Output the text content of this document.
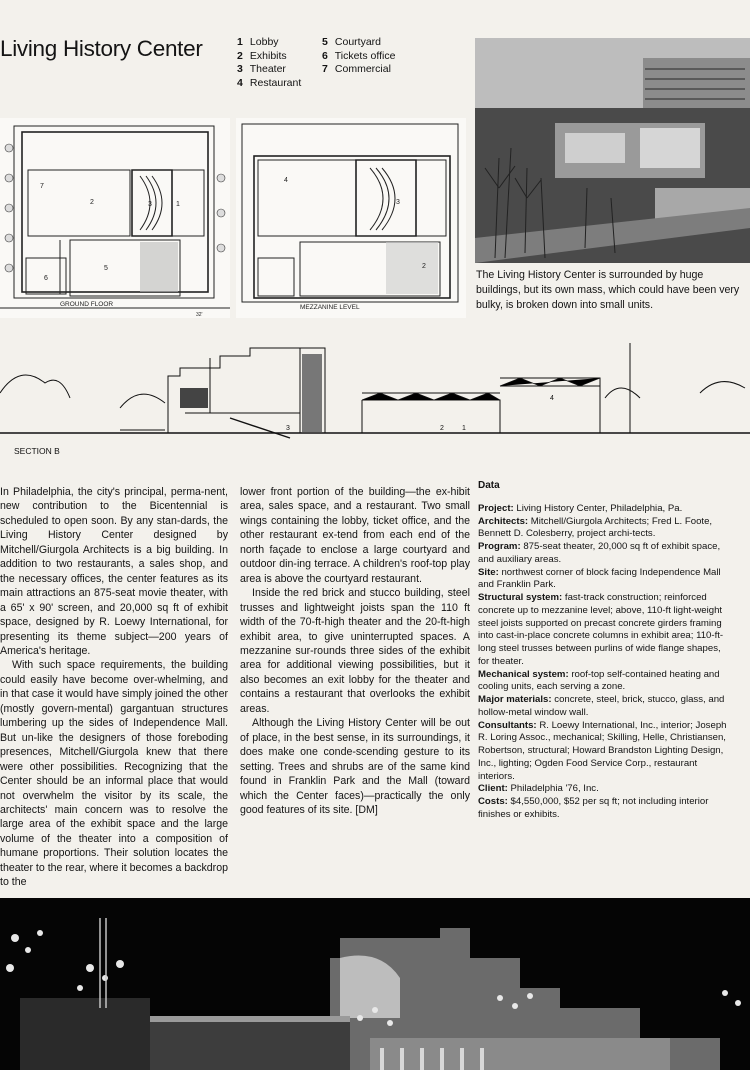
Living History Center	1 Lobby
2 Exhibits
3 Theater
4 Restaurant
5 Courtyard
6 Tickets office
7 Commercial
7
2	1
3
5
6
GROUND FLOOR
32'
4
3
2
MEZZANINE LEVEL
The Living History Center is surrounded by huge buildings, but its own mass, which could have been very bulky, is broken down into small units.
3	2	1
4
SECTION B

In Philadelphia, the city's principal, perma-nent, new contribution to the Bicentennial is scheduled to open soon. By any stan-dards, the Living History Center designed by Mitchell/Giurgola Architects is a big building. In addition to two restaurants, a sales shop, and the necessary offices, the center features as its main attractions an 875-seat movie theater, with a 65' x 90' screen, and 20,000 sq ft of exhibit space, designed by R. Loewy International, for presenting its theme subject—200 years of America's heritage.

With such space requirements, the building could easily have become over-whelming, and in that case it would have simply joined the other (mostly govern-mental) gargantuan structures lumbering up the sides of Independence Mall. But un-like the designers of those foreboding presences, Mitchell/Giurgola knew that there were other possibilities. Recognizing that the Center should be an informal place that would not overwhelm the visitor by its scale, the architects' main concern was to resolve the large area of the exhibit space and the large volume of the theater into a composition of humane proportions. Their solution locates the theater to the rear, where it becomes a backdrop to the

lower front portion of the building—the ex-hibit area, sales space, and a restaurant. Two small wings containing the lobby, ticket office, and the other restaurant ex-tend from each end of the north façade to enclose a large courtyard and outdoor din-ing terrace. A children's roof-top play area is above the courtyard restaurant.

Inside the red brick and stucco building, steel trusses and lightweight joists span the 110 ft width of the 70-ft-high theater and the 20-ft-high exhibit area, to give uninterrupted spaces. A mezzanine sur-rounds three sides of the exhibit area for additional viewing possibilities, but it also becomes an exit lobby for the theater and contains a restaurant that overlooks the exhibit areas.

Although the Living History Center will be out of place, in the best sense, in its surroundings, it does make one conde-scending gesture to its setting. Trees and shrubs are of the same kind found in Franklin Park and the Mall (toward which the Center faces)—practically the only good features of its site. [DM]

Data

Project: Living History Center, Philadelphia, Pa.

Architects: Mitchell/Giurgola Architects; Fred L. Foote, Bennett D. Colesberry, project archi-tects.

Program: 875-seat theater, 20,000 sq ft of exhibit space, and auxiliary areas.

Site: northwest corner of block facing Independence Mall and Franklin Park.

Structural system: fast-track construction; reinforced concrete up to mezzanine level; above, 110-ft light-weight steel joists supported on precast concrete girders framing into cast-in-place concrete columns in exhibit area; 110-ft-long steel trusses between purlins of wide flange shapes, for theater.

Mechanical system: roof-top self-contained heating and cooling units, each serving a zone.

Major materials: concrete, steel, brick, stucco, glass, and hollow-metal window wall.

Consultants: R. Loewy International, Inc., interior; Joseph R. Loring Assoc., mechanical; Skilling, Helle, Christiansen, Robertson, structural; Howard Brandston Lighting Design, Inc., lighting; Ogden Food Service Corp., restaurant interiors.

Client: Philadelphia '76, Inc.

Costs: $4,550,000, $52 per sq ft; not including interior finishes or exhibits.
